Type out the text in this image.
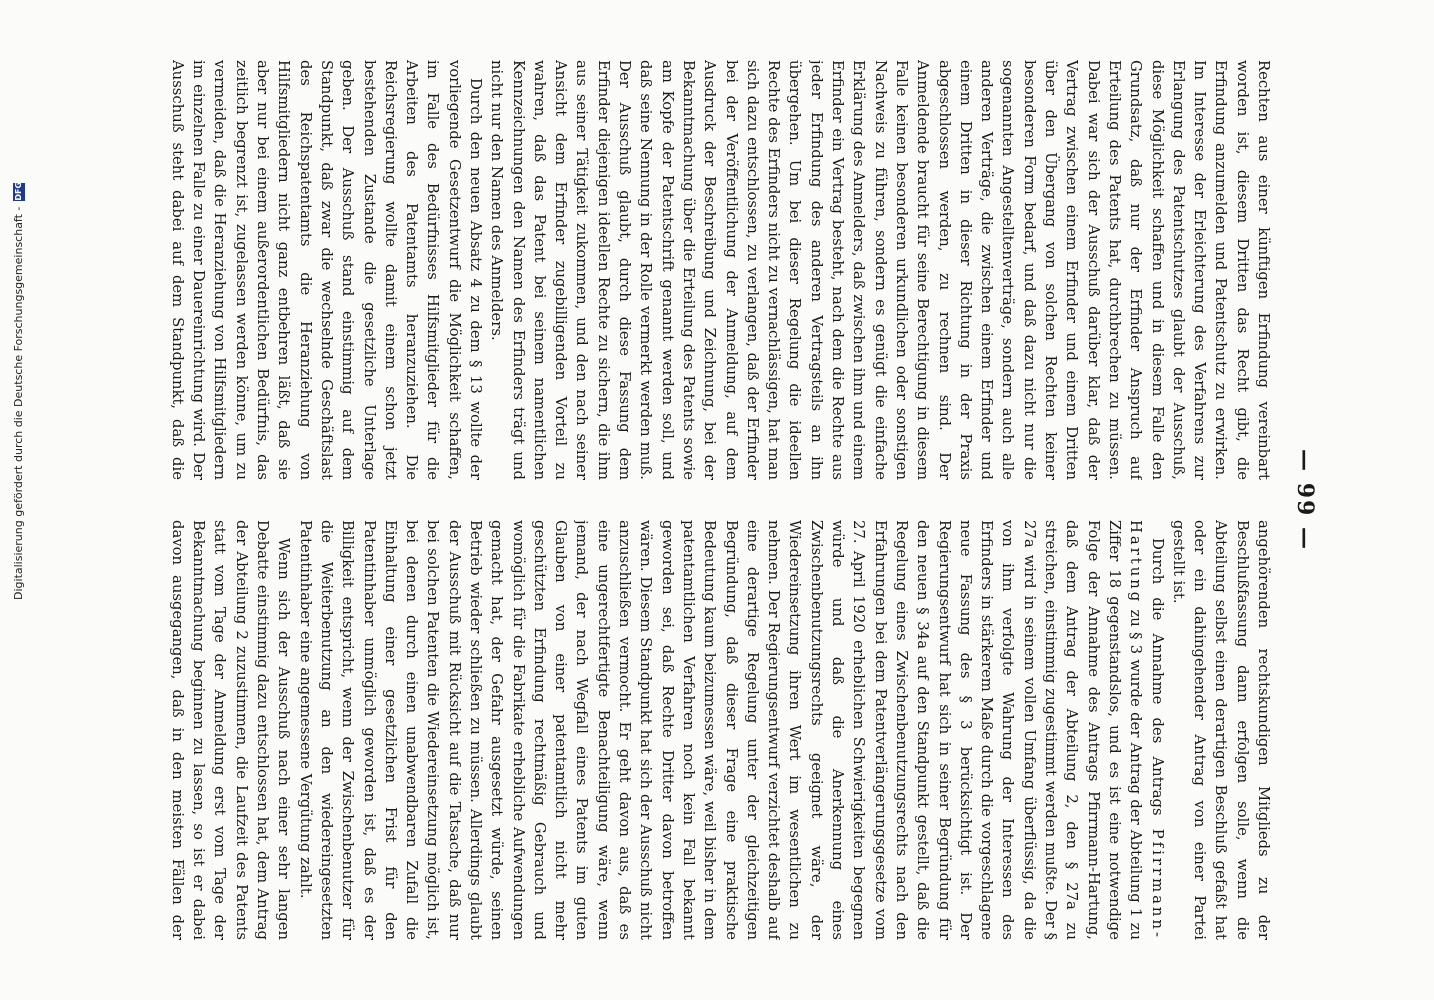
— 99 —

Rechten aus einer künftigen Erfindung vereinbart worden ist, diesem Dritten das Recht gibt, die Erfindung anzumelden und Patentschutz zu erwirken. Im Interesse der Erleichterung des Verfahrens zur Erlangung des Patentschutzes glaubt der Ausschuß, diese Möglichkeit schaffen und in diesem Falle den Grundsatz, daß nur der Erfinder Anspruch auf Erteilung des Patents hat, durchbrechen zu müssen. Dabei war sich der Ausschuß darüber klar, daß der Vertrag zwischen einem Erfinder und einem Dritten über den Übergang von solchen Rechten keiner besonderen Form bedarf, und daß dazu nicht nur die sogenannten Angestelltenverträge, sondern auch alle anderen Verträge, die zwischen einem Erfinder und einem Dritten in dieser Richtung in der Praxis abgeschlossen werden, zu rechnen sind. Der Anmeldende braucht für seine Berechtigung in diesem Falle keinen besonderen urkundlichen oder sonstigen Nachweis zu führen, sondern es genügt die einfache Erklärung des Anmelders, daß zwischen ihm und einem Erfinder ein Vertrag besteht, nach dem die Rechte aus jeder Erfindung des anderen Vertragsteils an ihn übergehen. Um bei dieser Regelung die ideellen Rechte des Erfinders nicht zu vernachlässigen, hat man sich dazu entschlossen, zu verlangen, daß der Erfinder bei der Veröffentlichung der Anmeldung, auf dem Ausdruck der Beschreibung und Zeichnung, bei der Bekanntmachung über die Erteilung des Patents sowie am Kopfe der Patentschrift genannt werden soll, und daß seine Nennung in der Rolle vermerkt werden muß. Der Ausschuß glaubt, durch diese Fassung dem Erfinder diejenigen ideellen Rechte zu sichern, die ihm aus seiner Tätigkeit zukommen, und den nach seiner Ansicht dem Erfinder zugebilligenden Vorteil zu wahren, daß das Patent bei seinem namentlichen Kennzeichnungen den Namen des Erfinders trägt und nicht nur den Namen des Anmelders.

Durch den neuen Absatz 4 zu dem § 13 wollte der vorliegende Gesetzentwurf die Möglichkeit schaffen, im Falle des Bedürfnisses Hilfsmitglieder für die Arbeiten des Patentamts heranzuziehen. Die Reichsregierung wollte damit einem schon jetzt bestehenden Zustande die gesetzliche Unterlage geben. Der Ausschuß stand einstimmig auf dem Standpunkt, daß zwar die wechselnde Geschäftslast des Reichspatentamts die Heranziehung von Hilfsmitgliedern nicht ganz entbehren läßt, daß sie aber nur bei einem außerordentlichen Bedürfnis, das zeitlich begrenzt ist, zugelassen werden könne, um zu vermeiden, daß die Heranziehung von Hilfsmitgliedern im einzelnen Falle zu einer Dauereinrichtung wird. Der Ausschuß steht dabei auf dem Standpunkt, daß die

angehörenden rechtskundigen Mitglieds zu der Beschlußfassung dann erfolgen solle, wenn die Abteilung selbst einen derartigen Beschluß gefaßt hat oder ein dahingehender Antrag von einer Partei gestellt ist.

Durch die Annahme des Antrags Pfirrmann-Hartung zu § 3 wurde der Antrag der Abteilung 1 zu Ziffer 18 gegenstandslos, und es ist eine notwendige Folge der Annahme des Antrags Pfirrmann-Hartung, daß dem Antrag der Abteilung 2, den § 27a zu streichen, einstimmig zugestimmt werden mußte. Der § 27a wird in seinem vollen Umfang überflüssig, da die von ihm verfolgte Wahrung der Interessen des Erfinders in stärkerem Maße durch die vorgeschlagene neue Fassung des § 3 berücksichtigt ist. Der Regierungsentwurf hat sich in seiner Begründung für den neuen § 34a auf den Standpunkt gestellt, daß die Regelung eines Zwischenbenutzungsrechts nach den Erfahrungen bei dem Patentverlängerungsgesetze vom 27. April 1920 erheblichen Schwierigkeiten begegnen würde und daß die Anerkennung eines Zwischenbenutzungsrechts geeignet wäre, der Wiedereinsetzung ihren Wert im wesentlichen zu nehmen. Der Regierungsentwurf verzichtet deshalb auf eine derartige Regelung unter der gleichzeitigen Begründung, daß dieser Frage eine praktische Bedeutung kaum beizumessen wäre, weil bisher in dem patentamtlichen Verfahren noch kein Fall bekannt geworden sei, daß Rechte Dritter davon betroffen wären. Diesem Standpunkt hat sich der Ausschuß nicht anzuschließen vermocht. Er geht davon aus, daß es eine ungerechtfertigte Benachteiligung wäre, wenn jemand, der nach Wegfall eines Patents im guten Glauben von einer patentamtlich nicht mehr geschützten Erfindung rechtmäßig Gebrauch und womöglich für die Fabrikate erhebliche Aufwendungen gemacht hat, der Gefahr ausgesetzt würde, seinen Betrieb wieder schließen zu müssen. Allerdings glaubt der Ausschuß mit Rücksicht auf die Tatsache, daß nur bei solchen Patenten die Wiedereinsetzung möglich ist, bei denen durch einen unabwendbaren Zufall die Einhaltung einer gesetzlichen Frist für den Patentinhaber unmöglich geworden ist, daß es der Billigkeit entspricht, wenn der Zwischenbenutzer für die Weiterbenutzung an den wiedereingesetzten Patentinhaber eine angemessene Vergütung zahlt.

Wenn sich der Ausschuß nach einer sehr langen Debatte einstimmig dazu entschlossen hat, dem Antrag der Abteilung 2 zuzustimmen, die Laufzeit des Patents statt vom Tage der Anmeldung erst vom Tage der Bekanntmachung beginnen zu lassen, so ist er dabei davon ausgegangen, daß in den meisten Fällen der

Digitalisierung gefördert durch die Deutsche Forschungsgemeinschaft -
DFG
